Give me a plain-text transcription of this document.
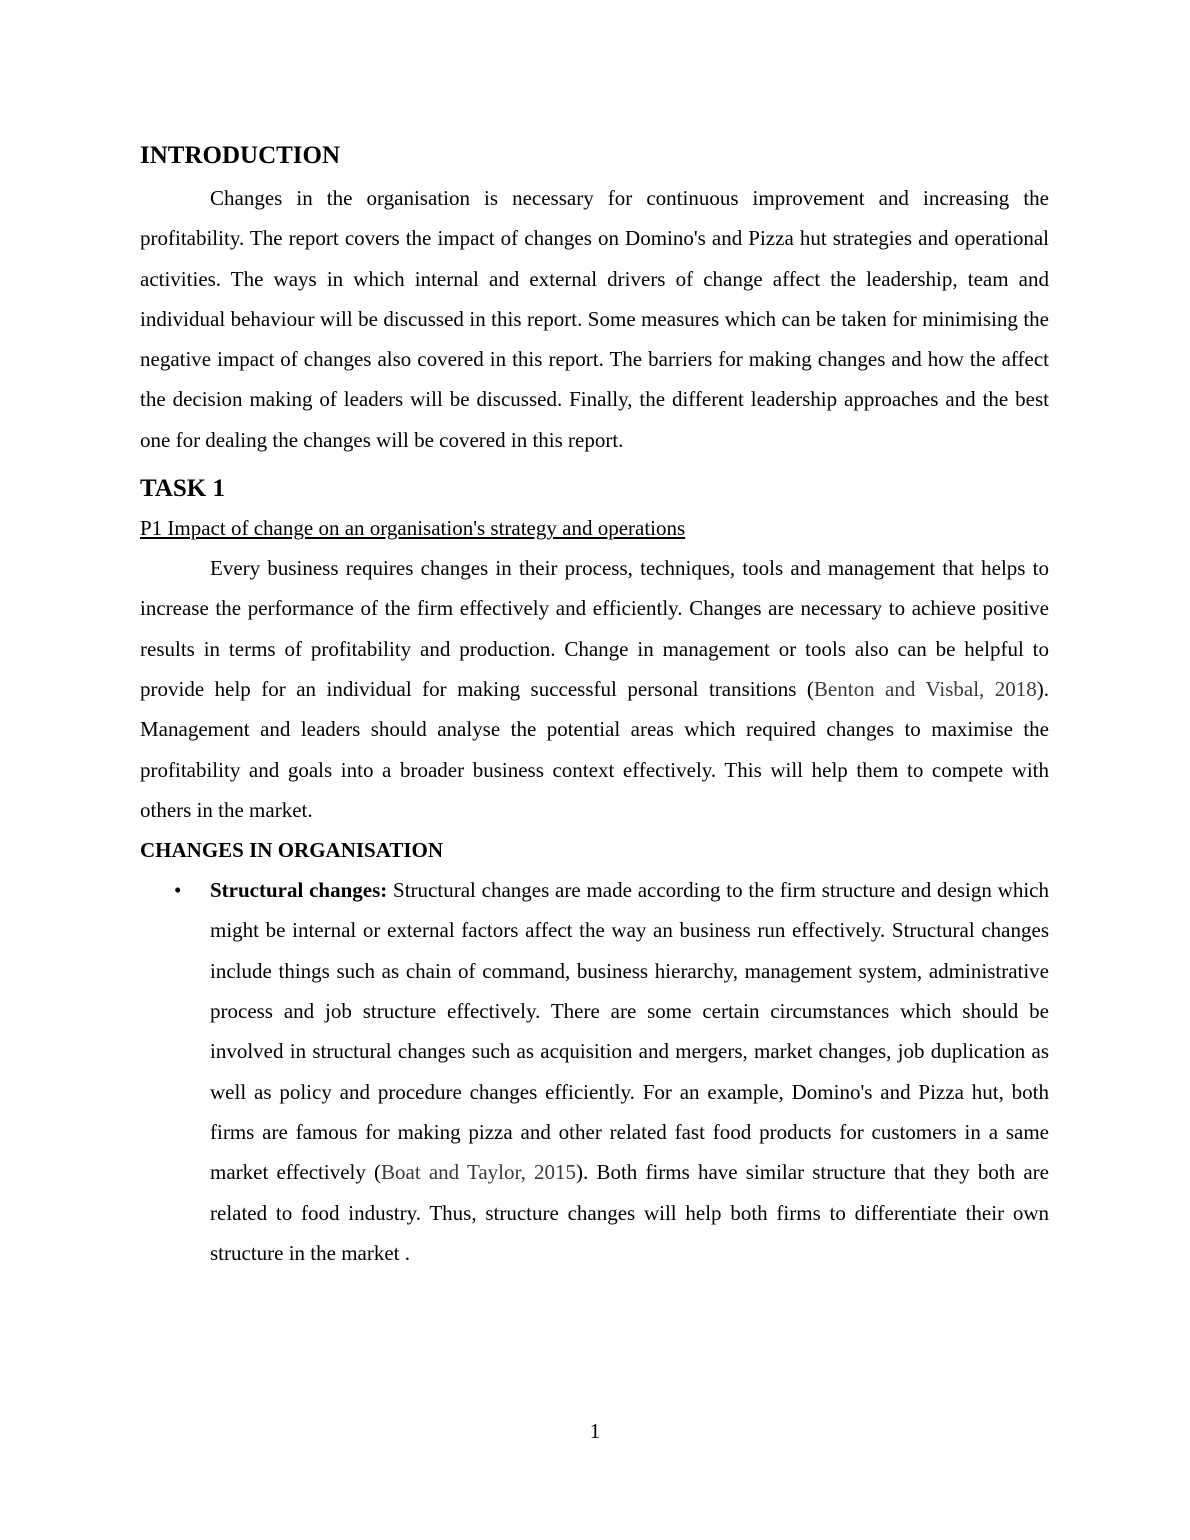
INTRODUCTION

Changes in the organisation is necessary for continuous improvement and increasing the profitability. The report covers the impact of changes on Domino's and Pizza hut strategies and operational activities. The ways in which internal and external drivers of change affect the leadership, team and individual behaviour will be discussed in this report. Some measures which can be taken for minimising the negative impact of changes also covered in this report. The barriers for making changes and how the affect the decision making of leaders will be discussed. Finally, the different leadership approaches and the best one for dealing the changes will be covered in this report.

TASK 1

P1 Impact of change on an organisation's strategy and operations

Every business requires changes in their process, techniques, tools and management that helps to increase the performance of the firm effectively and efficiently. Changes are necessary to achieve positive results in terms of profitability and production. Change in management or tools also can be helpful to provide help for an individual for making successful personal transitions (Benton and Visbal, 2018). Management and leaders should analyse the potential areas which required changes to maximise the profitability and goals into a broader business context effectively. This will help them to compete with others in the market.

CHANGES IN ORGANISATION
• Structural changes: Structural changes are made according to the firm structure and design which might be internal or external factors affect the way an business run effectively. Structural changes include things such as chain of command, business hierarchy, management system, administrative process and job structure effectively. There are some certain circumstances which should be involved in structural changes such as acquisition and mergers, market changes, job duplication as well as policy and procedure changes efficiently. For an example, Domino's and Pizza hut, both firms are famous for making pizza and other related fast food products for customers in a same market effectively (Boat and Taylor, 2015). Both firms have similar structure that they both are related to food industry. Thus, structure changes will help both firms to differentiate their own structure in the market .
1
